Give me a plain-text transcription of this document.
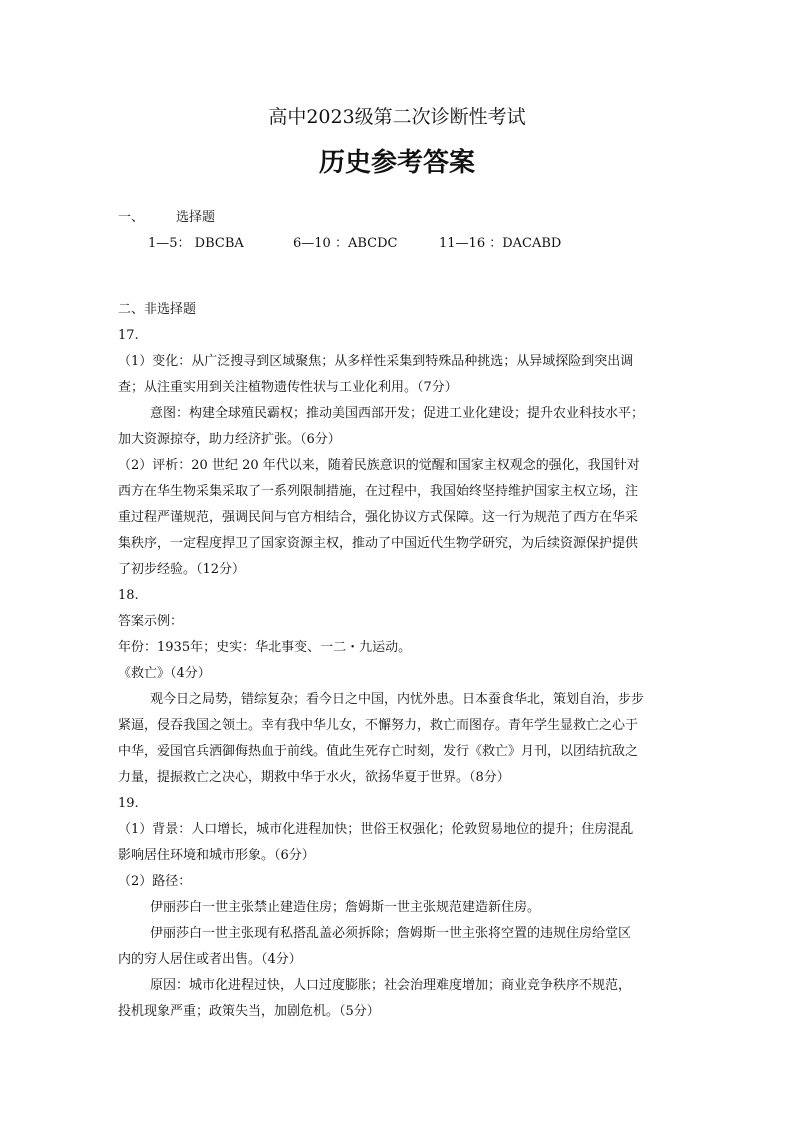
高中2023级第二次诊断性考试
历史参考答案
一、 选择题
1—5： DBCBA	6—10 ：ABCDC	11—16 ：DACABD
二、非选择题
17.
（1）变化：从广泛搜寻到区域聚焦；从多样性采集到特殊品种挑选；从异域探险到突出调
查；从注重实用到关注植物遗传性状与工业化利用。（7分）
意图：构建全球殖民霸权；推动美国西部开发；促进工业化建设；提升农业科技水平；
加大资源掠夺，助力经济扩张。（6分）
（2）评析：20 世纪 20 年代以来，随着民族意识的觉醒和国家主权观念的强化，我国针对
西方在华生物采集采取了一系列限制措施，在过程中，我国始终坚持维护国家主权立场，注
重过程严谨规范，强调民间与官方相结合，强化协议方式保障。这一行为规范了西方在华采
集秩序，一定程度捍卫了国家资源主权，推动了中国近代生物学研究，为后续资源保护提供
了初步经验。（12分）
18.
答案示例：
年份：1935年；史实：华北事变、一二・九运动。
《救亡》（4分）
观今日之局势，错综复杂；看今日之中国，内忧外患。日本蚕食华北，策划自治，步步
紧逼，侵吞我国之领土。幸有我中华儿女，不懈努力，救亡而图存。青年学生显救亡之心于
中华，爱国官兵洒御侮热血于前线。值此生死存亡时刻，发行《救亡》月刊，以团结抗敌之
力量，提振救亡之决心，期救中华于水火，欲扬华夏于世界。（8分）
19.
（1）背景：人口增长，城市化进程加快；世俗王权强化；伦敦贸易地位的提升；住房混乱
影响居住环境和城市形象。（6分）
（2）路径：
伊丽莎白一世主张禁止建造住房；詹姆斯一世主张规范建造新住房。
伊丽莎白一世主张现有私搭乱盖必须拆除；詹姆斯一世主张将空置的违规住房给堂区
内的穷人居住或者出售。（4分）
原因：城市化进程过快，人口过度膨胀；社会治理难度增加；商业竞争秩序不规范，
投机现象严重；政策失当，加剧危机。（5分）
